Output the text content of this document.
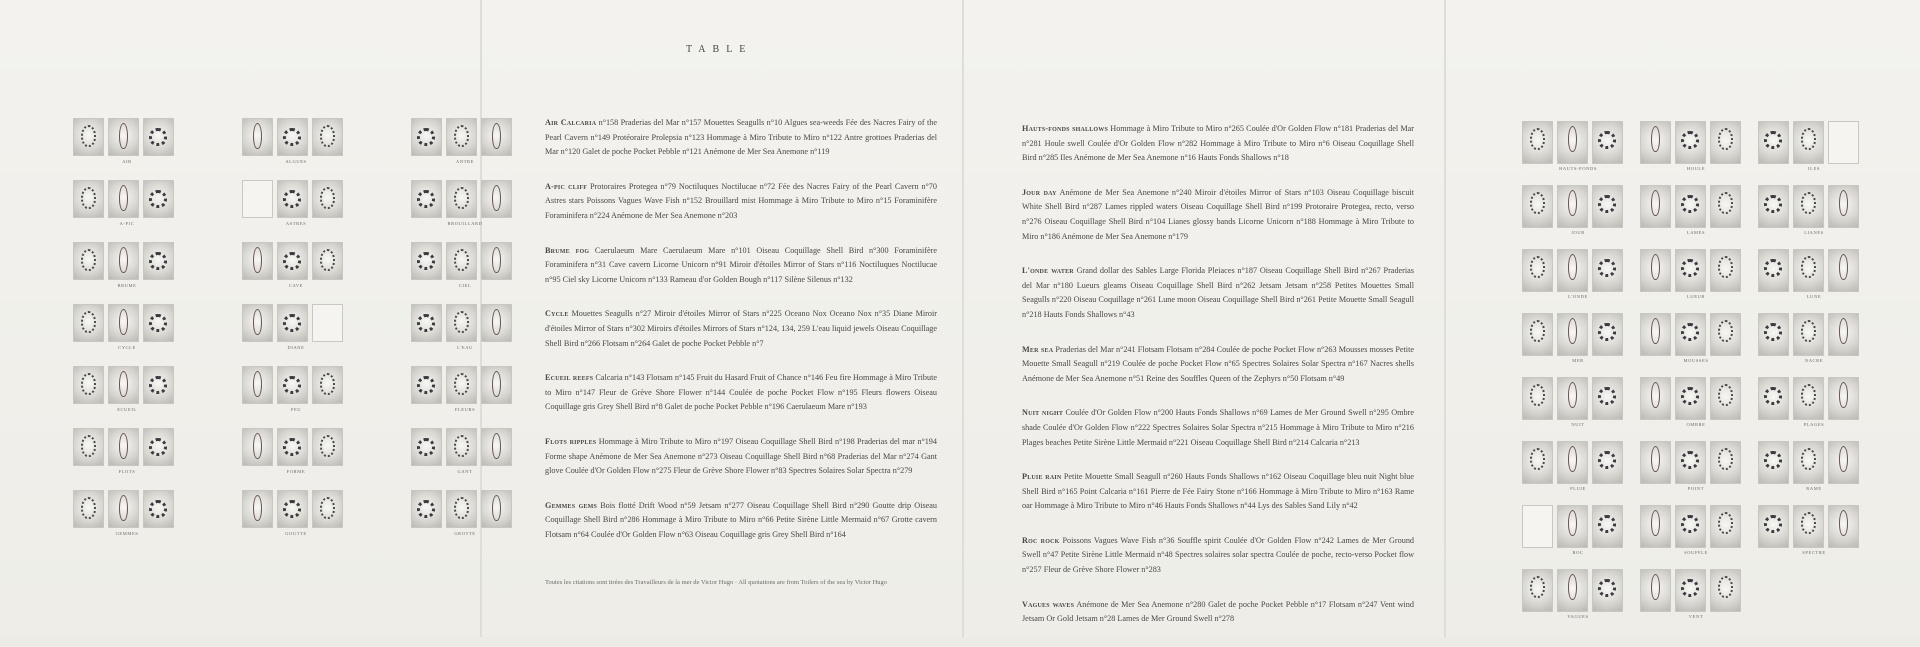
AIR	ALGUES	ANTRE
A-PIC	ASTRES	BROUILLARD
BRUME	CAVE	CIEL
CYCLE	DIANE	L'EAU
ECUEIL	FEU	FLEURS
FLOTS	FORME	GANT
GEMMES	GOUTTE	GROTTE
HAUTS-FONDS	HOULE	ILES
JOUR	LAMES	LIANES
L'ONDE	LUEUR	LUNE
MER	MOUSSES	NACRE
NUIT	OMBRE	PLAGES
PLUIE	POINT	RAME
ROC	SOUFFLE	SPECTRE
VAGUES	VENT
TABLE
Air Calcaria n°158 Praderias del Mar n°157 Mouettes Seagulls n°10 Algues sea-weeds Fée des Nacres Fairy of the Pearl Cavern n°149 Protéoraire Prolepsia n°123 Hommage à Miro Tribute to Miro n°122 Antre grottoes Praderias del Mar n°120 Galet de poche Pocket Pebble n°121 Anémone de Mer Sea Anemone n°119
A-pic cliff Protoraires Protegea n°79 Noctiluques Noctilucae n°72 Fée des Nacres Fairy of the Pearl Cavern n°70 Astres stars Poissons Vagues Wave Fish n°152 Brouillard mist Hommage à Miro Tribute to Miro n°15 Foraminifère Foraminifera n°224 Anémone de Mer Sea Anemone n°203
Brume fog Caerulaeum Mare Caerulaeum Mare n°101 Oiseau Coquillage Shell Bird n°300 Foraminifère Foraminifera n°31 Cave cavern Licorne Unicorn n°91 Miroir d'étoiles Mirror of Stars n°116 Noctiluques Noctilucae n°95 Ciel sky Licorne Unicorn n°133 Rameau d'or Golden Bough n°117 Silène Silenus n°132
Cycle Mouettes Seagulls n°27 Miroir d'étoiles Mirror of Stars n°225 Oceano Nox Oceano Nox n°35 Diane Miroir d'étoiles Mirror of Stars n°302 Miroirs d'étoiles Mirrors of Stars n°124, 134, 259 L'eau liquid jewels Oiseau Coquillage Shell Bird n°266 Flotsam n°264 Galet de poche Pocket Pebble n°7
Ecueil reefs Calcaria n°143 Flotsam n°145 Fruit du Hasard Fruit of Chance n°146 Feu fire Hommage à Miro Tribute to Miro n°147 Fleur de Grève Shore Flower n°144 Coulée de poche Pocket Flow n°195 Fleurs flowers Oiseau Coquillage gris Grey Shell Bird n°8 Galet de poche Pocket Pebble n°196 Caerulaeum Mare n°193
Flots ripples Hommage à Miro Tribute to Miro n°197 Oiseau Coquillage Shell Bird n°198 Praderias del mar n°194 Forme shape Anémone de Mer Sea Anemone n°273 Oiseau Coquillage Shell Bird n°68 Praderias del Mar n°274 Gant glove Coulée d'Or Golden Flow n°275 Fleur de Grève Shore Flower n°83 Spectres Solaires Solar Spectra n°279
Gemmes gems Bois flotté Drift Wood n°59 Jetsam n°277 Oiseau Coquillage Shell Bird n°290 Goutte drip Oiseau Coquillage Shell Bird n°286 Hommage à Miro Tribute to Miro n°66 Petite Sirène Little Mermaid n°67 Grotte cavern Flotsam n°64 Coulée d'Or Golden Flow n°63 Oiseau Coquillage gris Grey Shell Bird n°164
Hauts-fonds shallows Hommage à Miro Tribute to Miro n°265 Coulée d'Or Golden Flow n°181 Praderias del Mar n°281 Houle swell Coulée d'Or Golden Flow n°282 Hommage à Miro Tribute to Miro n°6 Oiseau Coquillage Shell Bird n°285 Iles Anémone de Mer Sea Anemone n°16 Hauts Fonds Shallows n°18
Jour day Anémone de Mer Sea Anemone n°240 Miroir d'étoiles Mirror of Stars n°103 Oiseau Coquillage biscuit White Shell Bird n°287 Lames rippled waters Oiseau Coquillage Shell Bird n°199 Protoraire Protegea, recto, verso n°276 Oiseau Coquillage Shell Bird n°104 Lianes glossy bands Licorne Unicorn n°188 Hommage à Miro Tribute to Miro n°186 Anémone de Mer Sea Anemone n°179
L'onde water Grand dollar des Sables Large Florida Pleiaces n°187 Oiseau Coquillage Shell Bird n°267 Praderias del Mar n°180 Lueurs gleams Oiseau Coquillage Shell Bird n°262 Jetsam Jetsam n°258 Petites Mouettes Small Seagulls n°220 Oiseau Coquillage n°261 Lune moon Oiseau Coquillage Shell Bird n°261 Petite Mouette Small Seagull n°218 Hauts Fonds Shallows n°43
Mer sea Praderias del Mar n°241 Flotsam Flotsam n°284 Coulée de poche Pocket Flow n°263 Mousses mosses Petite Mouette Small Seagull n°219 Coulée de poche Pocket Flow n°65 Spectres Solaires Solar Spectra n°167 Nacres shells Anémone de Mer Sea Anemone n°51 Reine des Souffles Queen of the Zephyrs n°50 Flotsam n°49
Nuit night Coulée d'Or Golden Flow n°200 Hauts Fonds Shallows n°69 Lames de Mer Ground Swell n°295 Ombre shade Coulée d'Or Golden Flow n°222 Spectres Solaires Solar Spectra n°215 Hommage à Miro Tribute to Miro n°216 Plages beaches Petite Sirène Little Mermaid n°221 Oiseau Coquillage Shell Bird n°214 Calcaria n°213
Pluie rain Petite Mouette Small Seagull n°260 Hauts Fonds Shallows n°162 Oiseau Coquillage bleu nuit Night blue Shell Bird n°165 Point Calcaria n°161 Pierre de Fée Fairy Stone n°166 Hommage à Miro Tribute to Miro n°163 Rame oar Hommage à Miro Tribute to Miro n°46 Hauts Fonds Shallows n°44 Lys des Sables Sand Lily n°42
Roc rock Poissons Vagues Wave Fish n°36 Souffle spirit Coulée d'Or Golden Flow n°242 Lames de Mer Ground Swell n°47 Petite Sirène Little Mermaid n°48 Spectres solaires solar spectra Coulée de poche, recto-verso Pocket flow n°257 Fleur de Grève Shore Flower n°283
Vagues waves Anémone de Mer Sea Anemone n°280 Galet de poche Pocket Pebble n°17 Flotsam n°247 Vent wind Jetsam Or Gold Jetsam n°28 Lames de Mer Ground Swell n°278
Toutes les citations sont tirées des Travailleurs de la mer de Victor Hugo · All quotations are from Toilers of the sea by Victor Hugo
